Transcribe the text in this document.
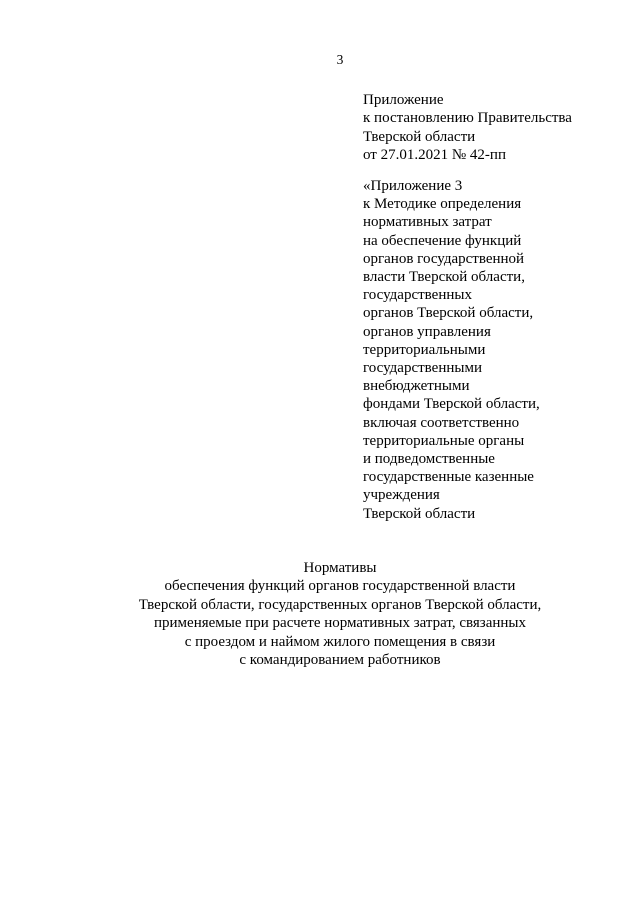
3

Приложение

к постановлению Правительства

Тверской области

от 27.01.2021 № 42-пп

«Приложение 3

к Методике определения

нормативных затрат

на обеспечение функций

органов государственной

власти Тверской области,

государственных

органов Тверской области,

органов управления

территориальными

государственными

внебюджетными

фондами Тверской области,

включая соответственно

территориальные органы

и подведомственные

государственные казенные

учреждения

Тверской области

Нормативы

обеспечения функций органов государственной власти

Тверской области, государственных органов Тверской области,

применяемые при расчете нормативных затрат, связанных

с проездом и наймом жилого помещения в связи

с командированием работников
